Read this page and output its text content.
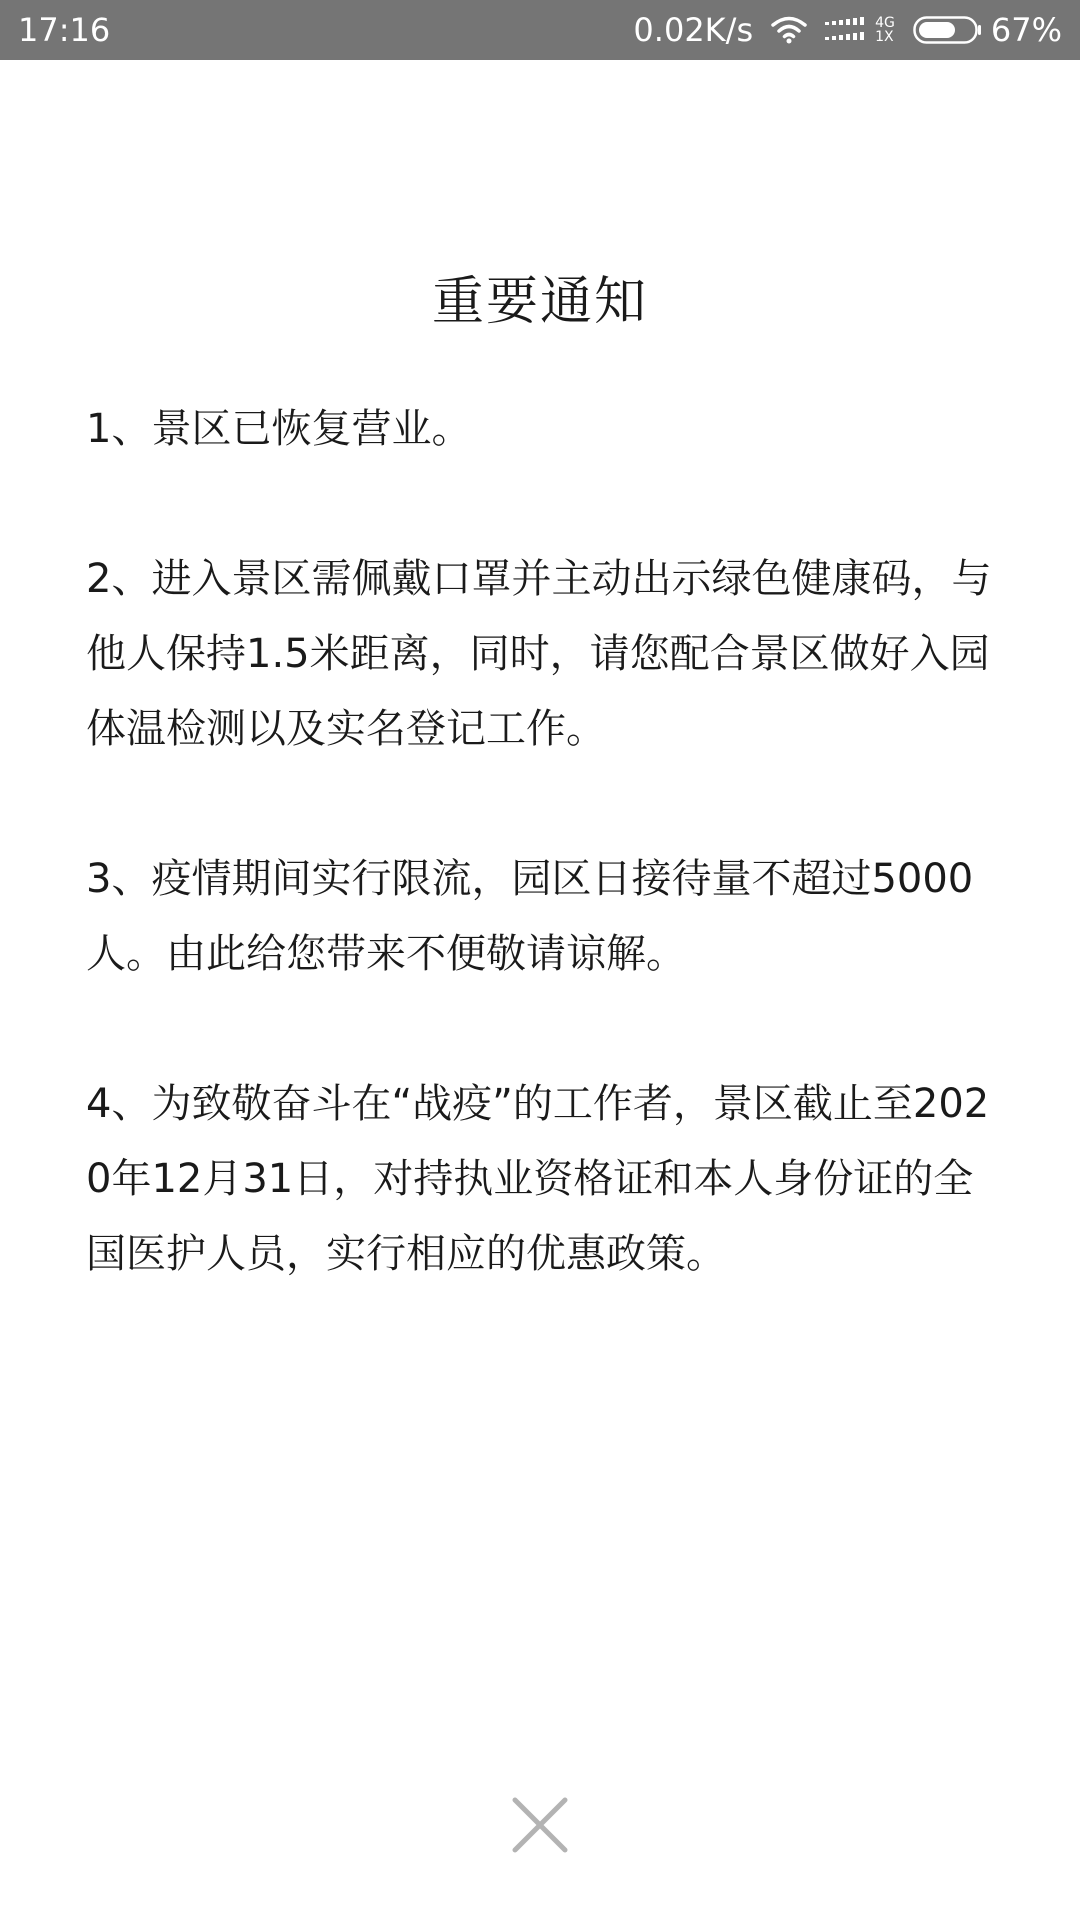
17:16	0.02K/s	4G
1X	67%
重要通知

1、景区已恢复营业。

2、进入景区需佩戴口罩并主动出示绿色健康码，与他人保持1.5米距离，同时，请您配合景区做好入园体温检测以及实名登记工作。

3、疫情期间实行限流，园区日接待量不超过5000人。由此给您带来不便敬请谅解。

4、为致敬奋斗在“战疫”的工作者，景区截止至2020年12月31日，对持执业资格证和本人身份证的全国医护人员，实行相应的优惠政策。
